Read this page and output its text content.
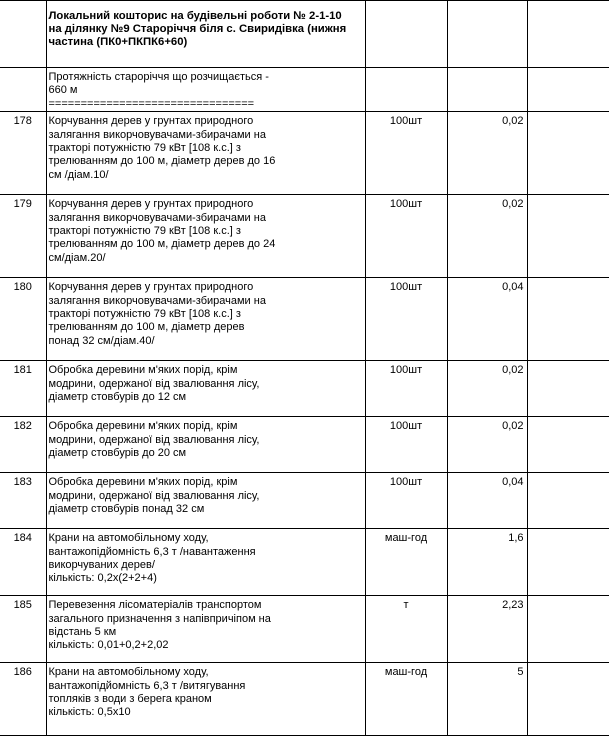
	Локальний кошторис на будівельні роботи № 2-1-10
на ділянку №9 Староріччя біля с. Свиридівка (нижня
частина (ПК0+ПКПК6+60)			

	Протяжність староріччя що розчищається -
660 м
================================			

178	Корчування дерев у грунтах природного
залягання викорчовувачами-збирачами на
тракторі потужністю 79 кВт [108 к.с.] з
трелюванням до 100 м, діаметр дерев до 16
см /діам.10/	100шт	0,02	
179	Корчування дерев у грунтах природного
залягання викорчовувачами-збирачами на
тракторі потужністю 79 кВт [108 к.с.] з
трелюванням до 100 м, діаметр дерев до 24
см/діам.20/	100шт	0,02	
180	Корчування дерев у грунтах природного
залягання викорчовувачами-збирачами на
тракторі потужністю 79 кВт [108 к.с.] з
трелюванням до 100 м, діаметр дерев
понад 32 см/діам.40/	100шт	0,04	
181	Обробка деревини м'яких порід, крім
модрини, одержаної від звалювання лісу,
діаметр стовбурів до 12 см	100шт	0,02	
182	Обробка деревини м'яких порід, крім
модрини, одержаної від звалювання лісу,
діаметр стовбурів до 20 см	100шт	0,02	
183	Обробка деревини м'яких порід, крім
модрини, одержаної від звалювання лісу,
діаметр стовбурів понад 32 см	100шт	0,04	
184	Крани на автомобільному ходу,
вантажопідйомність 6,3 т /навантаження
викорчуваних дерев/
кількість: 0,2х(2+2+4)	маш-год	1,6	
185	Перевезення лісоматеріалів транспортом
загального призначення з напівпричіпом на
відстань 5 км
кількість: 0,01+0,2+2,02	т	2,23	
186	Крани на автомобільному ходу,
вантажопідйомність 6,3 т /витягування
топляків з води з берега краном
кількість: 0,5х10	маш-год	5	
